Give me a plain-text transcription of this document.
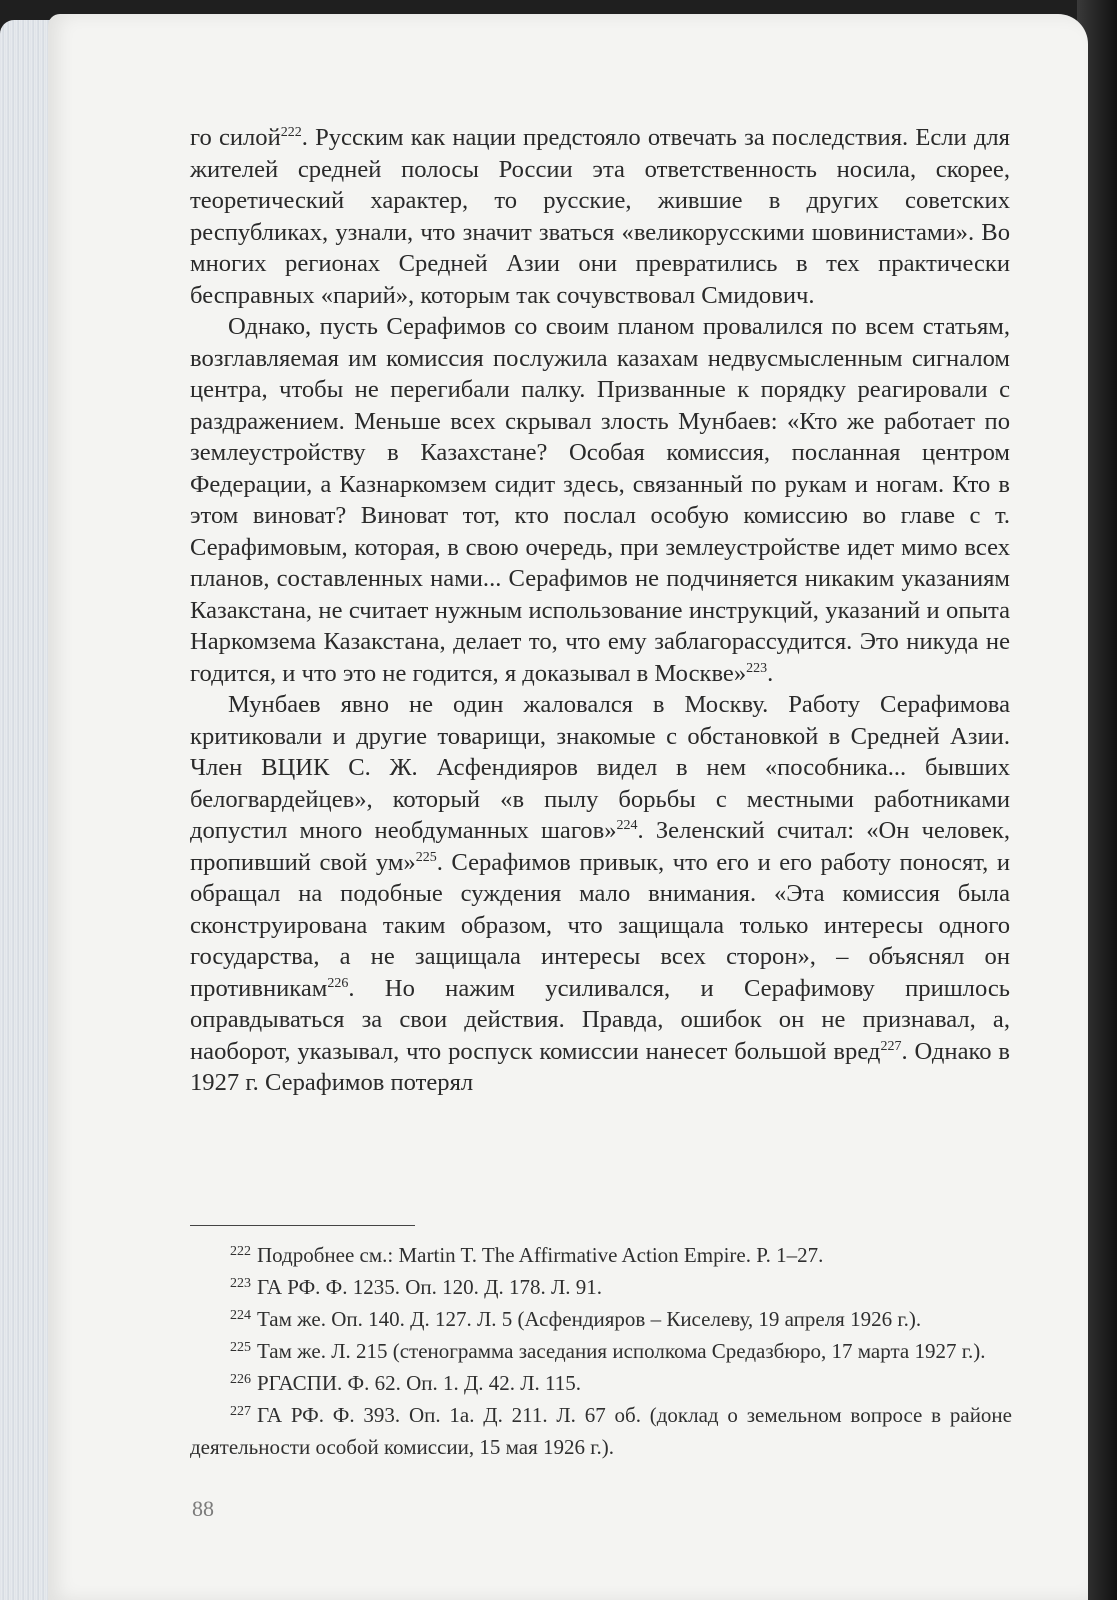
го силой$^{222}$. Русским как нации предстояло отвечать за последствия. Если для жителей средней полосы России эта ответственность носила, скорее, теоретический характер, то русские, жившие в других советских республиках, узнали, что значит зваться «великорусскими шовинистами». Во многих регионах Средней Азии они превратились в тех практически бесправных «парий», которым так сочувствовал Смидович.

Однако, пусть Серафимов со своим планом провалился по всем статьям, возглавляемая им комиссия послужила казахам недвусмысленным сигналом центра, чтобы не перегибали палку. Призванные к порядку реагировали с раздражением. Меньше всех скрывал злость Мунбаев: «Кто же работает по землеустройству в Казахстане? Особая комиссия, посланная центром Федерации, а Казнаркомзем сидит здесь, связанный по рукам и ногам. Кто в этом виноват? Виноват тот, кто послал особую комиссию во главе с т. Серафимовым, которая, в свою очередь, при землеустройстве идет мимо всех планов, составленных нами... Серафимов не подчиняется никаким указаниям Казакстана, не считает нужным использование инструкций, указаний и опыта Наркомзема Казакстана, делает то, что ему заблагорассудится. Это никуда не годится, и что это не годится, я доказывал в Москве»$^{223}$.

Мунбаев явно не один жаловался в Москву. Работу Серафимова критиковали и другие товарищи, знакомые с обстановкой в Средней Азии. Член ВЦИК С. Ж. Асфендияров видел в нем «пособника... бывших белогвардейцев», который «в пылу борьбы с местными работниками допустил много необдуманных шагов»$^{224}$. Зеленский считал: «Он человек, пропивший свой ум»$^{225}$. Серафимов привык, что его и его работу поносят, и обращал на подобные суждения мало внимания. «Эта комиссия была сконструирована таким образом, что защищала только интересы одного государства, а не защищала интересы всех сторон», – объяснял он противникам$^{226}$. Но нажим усиливался, и Серафимову пришлось оправдываться за свои действия. Правда, ошибок он не признавал, а, наоборот, указывал, что роспуск комиссии нанесет большой вред$^{227}$. Однако в 1927 г. Серафимов потерял

$^{222}$ Подробнее см.: Martin T. The Affirmative Action Empire. P. 1–27.

$^{223}$ ГА РФ. Ф. 1235. Оп. 120. Д. 178. Л. 91.

$^{224}$ Там же. Оп. 140. Д. 127. Л. 5 (Асфендияров – Киселеву, 19 апреля 1926 г.).

$^{225}$ Там же. Л. 215 (стенограмма заседания исполкома Средазбюро, 17 марта 1927 г.).

$^{226}$ РГАСПИ. Ф. 62. Оп. 1. Д. 42. Л. 115.

$^{227}$ ГА РФ. Ф. 393. Оп. 1а. Д. 211. Л. 67 об. (доклад о земельном вопросе в районе деятельности особой комиссии, 15 мая 1926 г.).

88
